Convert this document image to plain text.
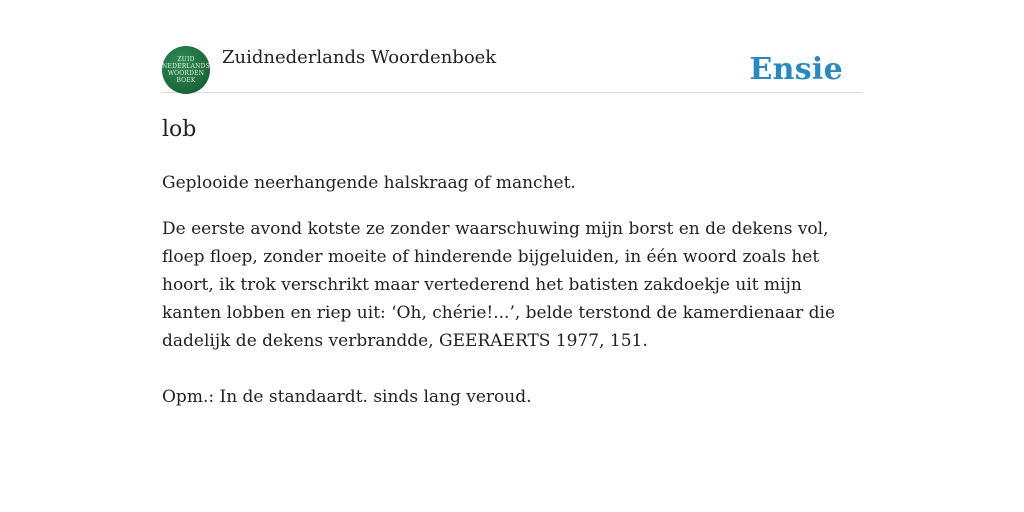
ZUID
NEDERLANDS
WOORDEN
BOEK
Zuidnederlands Woordenboek	Ensie
lob

Geplooide neerhangende halskraag of manchet.

De eerste avond kotste ze zonder waarschuwing mijn borst en de dekens vol, floep floep, zonder moeite of hinderende bijgeluiden, in één woord zoals het hoort, ik trok verschrikt maar vertederend het batisten zakdoekje uit mijn kanten lobben en riep uit: ‘Oh, chérie!...’, belde terstond de kamerdienaar die dadelijk de dekens verbrandde, GEERAERTS 1977, 151.

Opm.: In de standaardt. sinds lang veroud.
